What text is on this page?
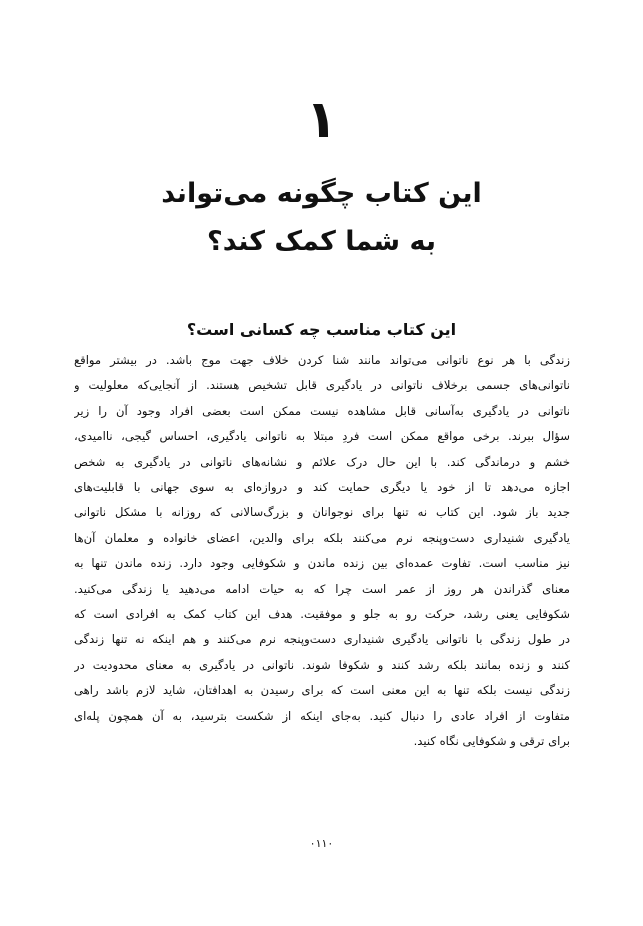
۱
این کتاب چگونه می‌تواند
به شما کمک کند؟
این کتاب مناسب چه کسانی است؟
زندگی با هر نوع ناتوانی می‌تواند مانند شنا کردن خلاف جهت موج باشد. در بیشتر مواقع
ناتوانی‌های جسمی برخلاف ناتوانی در یادگیری قابل تشخیص هستند. از آنجایی‌که معلولیت و
ناتوانی در یادگیری به‌آسانی قابل مشاهده نیست ممکن است بعضی افراد وجود آن را زیر
سؤال ببرند. برخی مواقع ممکن است فردِ مبتلا به ناتوانی یادگیری، احساس گیجی، ناامیدی،
خشم و درماندگی کند. با این حال درک علائم و نشانه‌های ناتوانی در یادگیری به شخص
اجازه می‌دهد تا از خود یا دیگری حمایت کند و دروازه‌ای به سوی جهانی با قابلیت‌های
جدید باز شود. این کتاب نه تنها برای نوجوانان و بزرگ‌سالانی که روزانه با مشکل ناتوانی
یادگیری شنیداری دست‌وپنجه نرم می‌کنند بلکه برای والدین، اعضای خانواده و معلمان آن‌ها
نیز مناسب است. تفاوت عمده‌ای بین زنده ماندن و شکوفایی وجود دارد. زنده ماندن تنها به
معنای گذراندن هر روز از عمر است چرا که به حیات ادامه می‌دهید یا زندگی می‌کنید.
شکوفایی یعنی رشد، حرکت رو به جلو و موفقیت. هدف این کتاب کمک به افرادی است که
در طول زندگی با ناتوانی یادگیری شنیداری دست‌وپنجه نرم می‌کنند و هم اینکه نه تنها زندگی
کنند و زنده بمانند بلکه رشد کنند و شکوفا شوند. ناتوانی در یادگیری به معنای محدودیت در
زندگی نیست بلکه تنها به این معنی است که برای رسیدن به اهدافتان، شاید لازم باشد راهی
متفاوت از افراد عادی را دنبال کنید. به‌جای اینکه از شکست بترسید، به آن همچون پله‌ای
برای ترقی و شکوفایی نگاه کنید.
۰۱۱۰
